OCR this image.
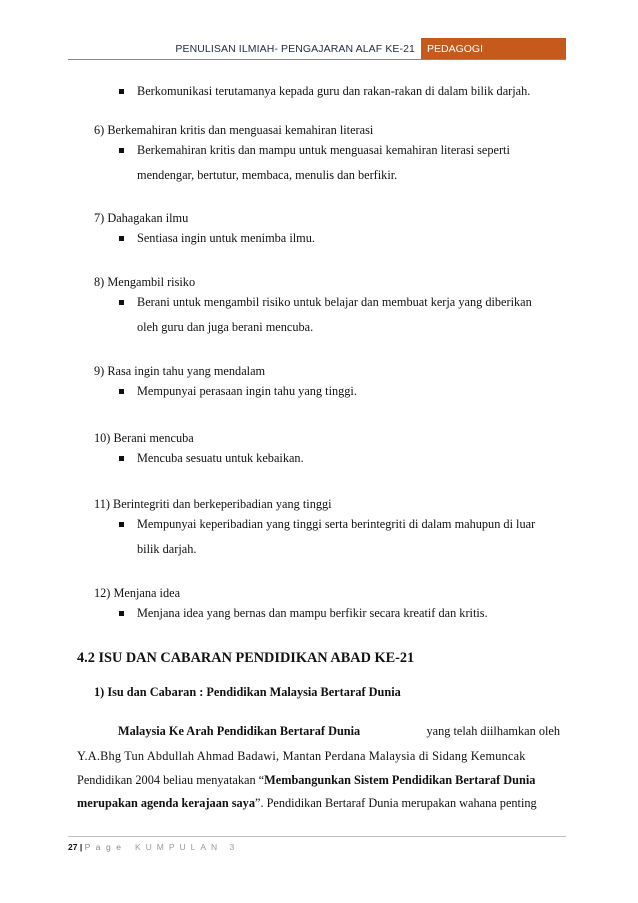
PENULISAN ILMIAH- PENGAJARAN ALAF KE-21	PEDAGOGI
Berkomunikasi terutamanya kepada guru dan rakan-rakan di dalam bilik darjah.
6) Berkemahiran kritis dan menguasai kemahiran literasi
Berkemahiran kritis dan mampu untuk menguasai kemahiran literasi seperti
mendengar, bertutur, membaca, menulis dan berfikir.
7) Dahagakan ilmu
Sentiasa ingin untuk menimba ilmu.
8) Mengambil risiko
Berani untuk mengambil risiko untuk belajar dan membuat kerja yang diberikan
oleh guru dan juga berani mencuba.
9) Rasa ingin tahu yang mendalam
Mempunyai perasaan ingin tahu yang tinggi.
10) Berani mencuba
Mencuba sesuatu untuk kebaikan.
11) Berintegriti dan berkeperibadian yang tinggi
Mempunyai keperibadian yang tinggi serta berintegriti di dalam mahupun di luar
bilik darjah.
12) Menjana idea
Menjana idea yang bernas dan mampu berfikir secara kreatif dan kritis.
4.2 ISU DAN CABARAN PENDIDIKAN ABAD KE-21
1) Isu dan Cabaran : Pendidikan Malaysia Bertaraf Dunia
Malaysia Ke Arah Pendidikan Bertaraf Dunia	yang telah diilhamkan oleh
Y.A.Bhg Tun Abdullah Ahmad Badawi, Mantan Perdana Malaysia di Sidang Kemuncak
Pendidikan 2004 beliau menyatakan “Membangunkan Sistem Pendidikan Bertaraf Dunia
merupakan agenda kerajaan saya”. Pendidikan Bertaraf Dunia merupakan wahana penting
27 | P a g e KUMPULAN 3
